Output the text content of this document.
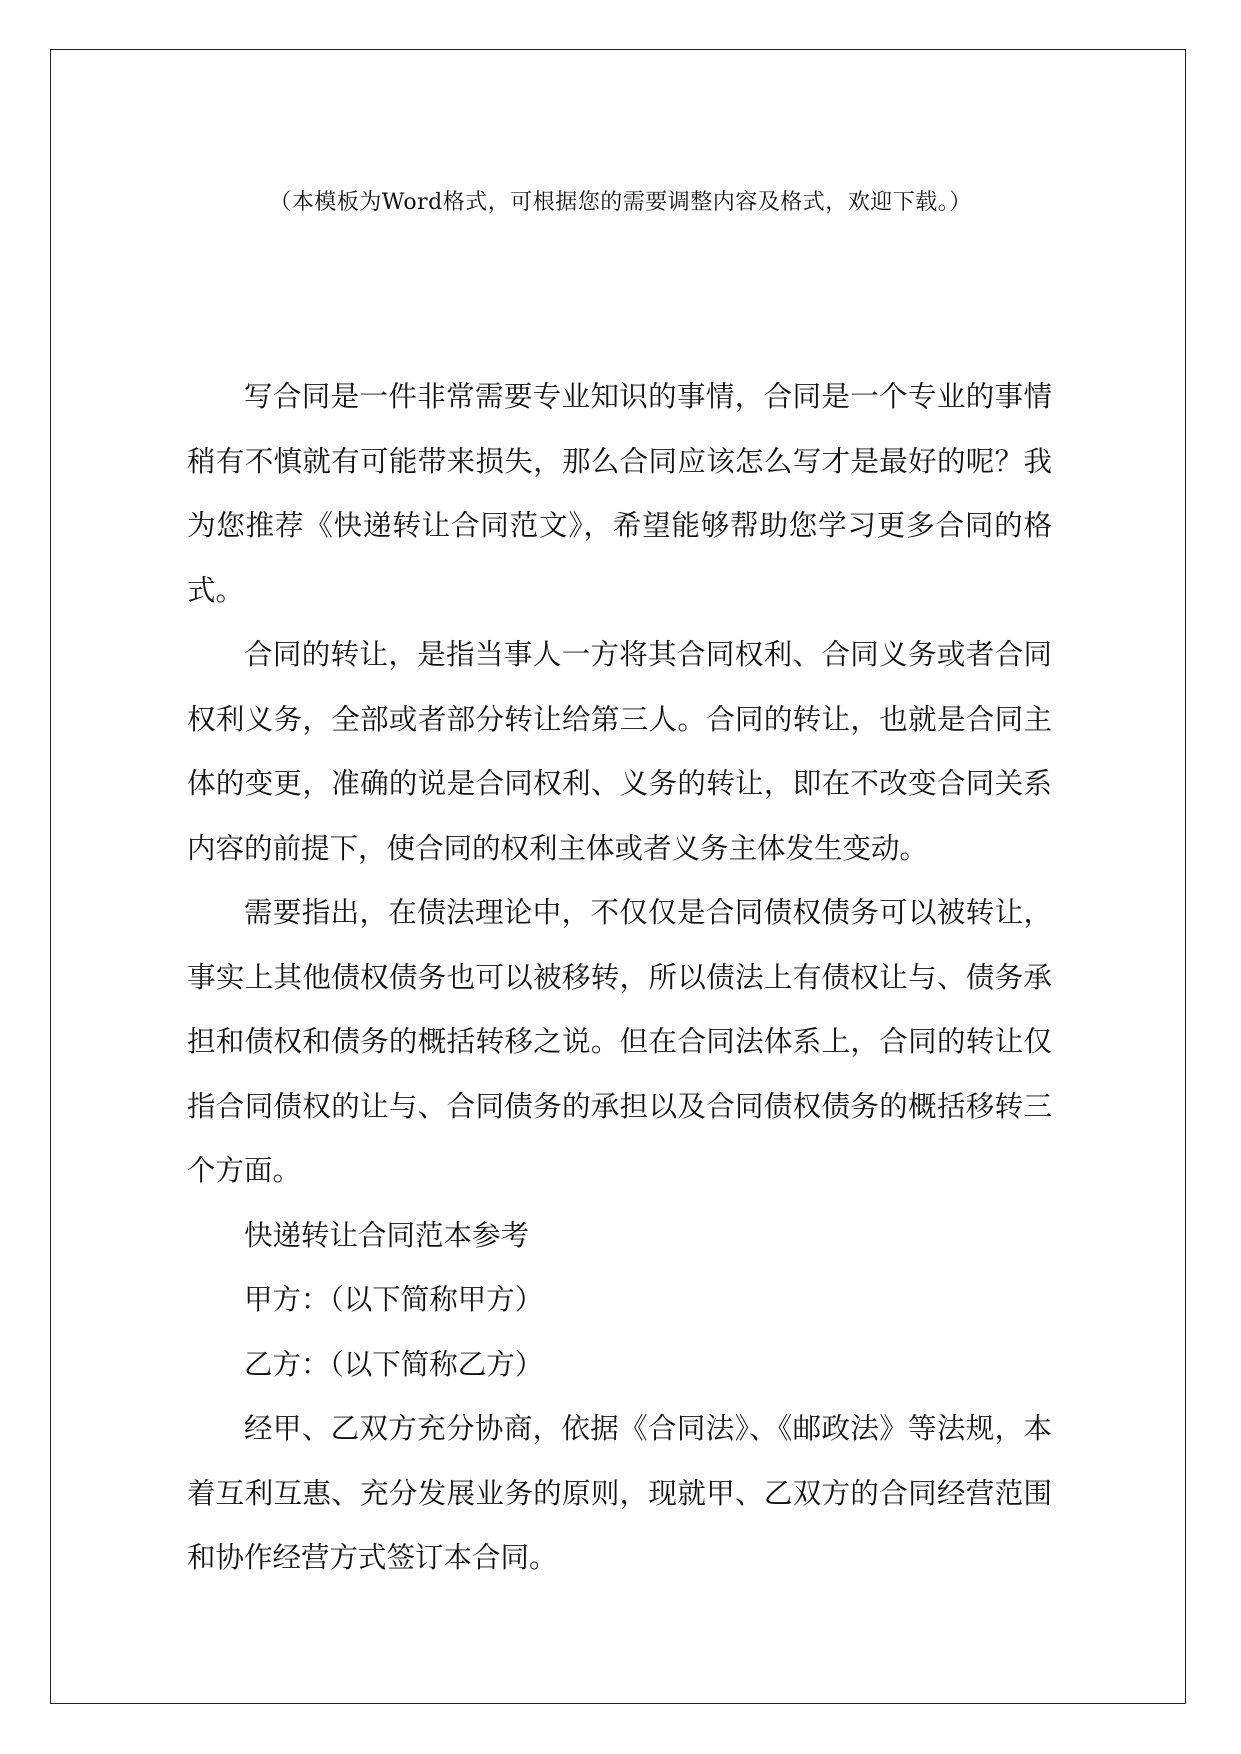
（本模板为Word格式，可根据您的需要调整内容及格式，欢迎下载。）

写合同是一件非常需要专业知识的事情，合同是一个专业的事情稍有不慎就有可能带来损失，那么合同应该怎么写才是最好的呢？我为您推荐《快递转让合同范文》，希望能够帮助您学习更多合同的格式。

合同的转让，是指当事人一方将其合同权利、合同义务或者合同权利义务，全部或者部分转让给第三人。合同的转让，也就是合同主体的变更，准确的说是合同权利、义务的转让，即在不改变合同关系内容的前提下，使合同的权利主体或者义务主体发生变动。

需要指出，在债法理论中，不仅仅是合同债权债务可以被转让，事实上其他债权债务也可以被移转，所以债法上有债权让与、债务承担和债权和债务的概括转移之说。但在合同法体系上，合同的转让仅指合同债权的让与、合同债务的承担以及合同债权债务的概括移转三个方面。

快递转让合同范本参考

甲方：（以下简称甲方）

乙方：（以下简称乙方）

经甲、乙双方充分协商，依据《合同法》、《邮政法》等法规，本着互利互惠、充分发展业务的原则，现就甲、乙双方的合同经营范围和协作经营方式签订本合同。
